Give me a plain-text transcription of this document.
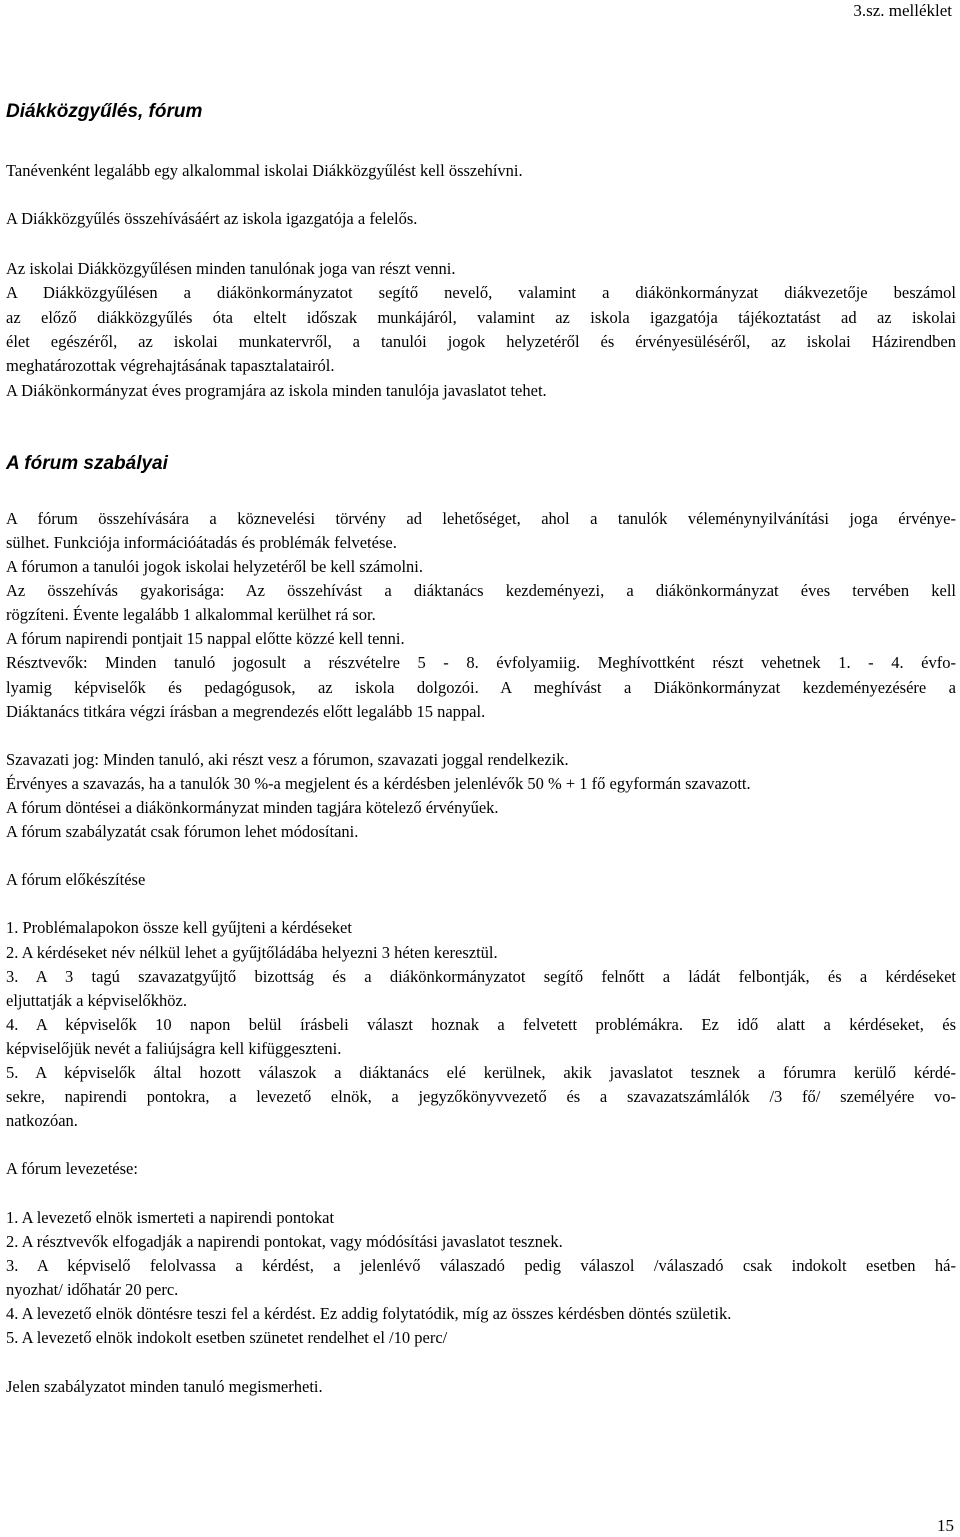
3.sz. melléklet
Diákközgyűlés, fórum
Tanévenként legalább egy alkalommal iskolai Diákközgyűlést kell összehívni.
A Diákközgyűlés összehívásáért az iskola igazgatója a felelős.
Az iskolai Diákközgyűlésen minden tanulónak joga van részt venni.
A Diákközgyűlésen a diákönkormányzatot segítő nevelő, valamint a diákönkormányzat diákvezetője beszámol
az előző diákközgyűlés óta eltelt időszak munkájáról, valamint az iskola igazgatója tájékoztatást ad az iskolai
élet egészéről, az iskolai munkatervről, a tanulói jogok helyzetéről és érvényesüléséről, az iskolai Házirendben
meghatározottak végrehajtásának tapasztalatairól.
A Diákönkormányzat éves programjára az iskola minden tanulója javaslatot tehet.
A fórum szabályai
A fórum összehívására a köznevelési törvény ad lehetőséget, ahol a tanulók véleménynyilvánítási joga érvénye-
sülhet. Funkciója információátadás és problémák felvetése.
A fórumon a tanulói jogok iskolai helyzetéről be kell számolni.
Az összehívás gyakorisága: Az összehívást a diáktanács kezdeményezi, a diákönkormányzat éves tervében kell
rögzíteni. Évente legalább 1 alkalommal kerülhet rá sor.
A fórum napirendi pontjait 15 nappal előtte közzé kell tenni.
Résztvevők: Minden tanuló jogosult a részvételre 5 - 8. évfolyamiig. Meghívottként részt vehetnek 1. - 4. évfo-
lyamig képviselők és pedagógusok, az iskola dolgozói. A meghívást a Diákönkormányzat kezdeményezésére a
Diáktanács titkára végzi írásban a megrendezés előtt legalább 15 nappal.
Szavazati jog: Minden tanuló, aki részt vesz a fórumon, szavazati joggal rendelkezik.
Érvényes a szavazás, ha a tanulók 30 %-a megjelent és a kérdésben jelenlévők 50 % + 1 fő egyformán szavazott.
A fórum döntései a diákönkormányzat minden tagjára kötelező érvényűek.
A fórum szabályzatát csak fórumon lehet módosítani.
A fórum előkészítése
1. Problémalapokon össze kell gyűjteni a kérdéseket
2. A kérdéseket név nélkül lehet a gyűjtőládába helyezni 3 héten keresztül.
3. A 3 tagú szavazatgyűjtő bizottság és a diákönkormányzatot segítő felnőtt a ládát felbontják, és a kérdéseket
eljuttatják a képviselőkhöz.
4. A képviselők 10 napon belül írásbeli választ hoznak a felvetett problémákra. Ez idő alatt a kérdéseket, és
képviselőjük nevét a faliújságra kell kifüggeszteni.
5. A képviselők által hozott válaszok a diáktanács elé kerülnek, akik javaslatot tesznek a fórumra kerülő kérdé-
sekre, napirendi pontokra, a levezető elnök, a jegyzőkönyvvezető és a szavazatszámlálók /3 fő/ személyére vo-
natkozóan.
A fórum levezetése:
1. A levezető elnök ismerteti a napirendi pontokat
2. A résztvevők elfogadják a napirendi pontokat, vagy módósítási javaslatot tesznek.
3. A képviselő felolvassa a kérdést, a jelenlévő válaszadó pedig válaszol /válaszadó csak indokolt esetben há-
nyozhat/ időhatár 20 perc.
4. A levezető elnök döntésre teszi fel a kérdést. Ez addig folytatódik, míg az összes kérdésben döntés születik.
5. A levezető elnök indokolt esetben szünetet rendelhet el /10 perc/
Jelen szabályzatot minden tanuló megismerheti.
15
